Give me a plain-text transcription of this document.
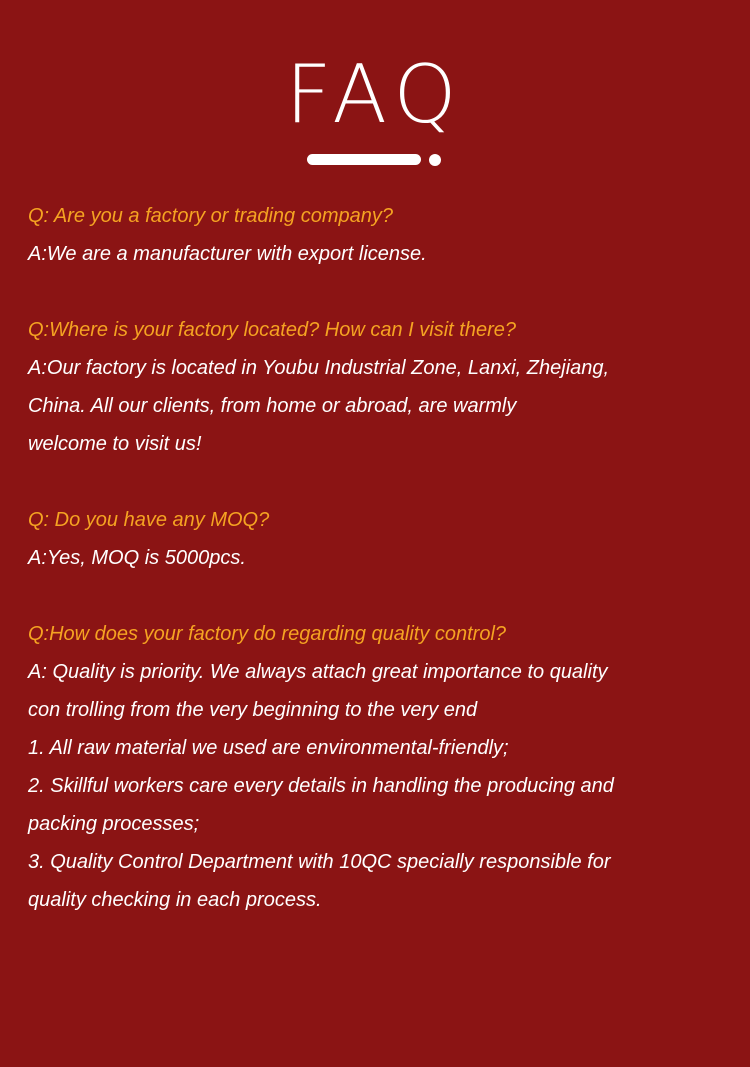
FAQ
Q: Are you a factory or trading company?
A:We are a manufacturer with export license.
Q:Where is your factory located? How can I visit there?
A:Our factory is located in Youbu Industrial Zone, Lanxi, Zhejiang,
China. All our clients, from home or abroad, are warmly
welcome to visit us!
Q: Do you have any MOQ?
A:Yes, MOQ is 5000pcs.
Q:How does your factory do regarding quality control?
A: Quality is priority. We always attach great importance to quality
con trolling from the very beginning to the very end
1. All raw material we used are environmental-friendly;
2. Skillful workers care every details in handling the producing and
packing processes;
3. Quality Control Department with 10QC specially responsible for
quality checking in each process.
